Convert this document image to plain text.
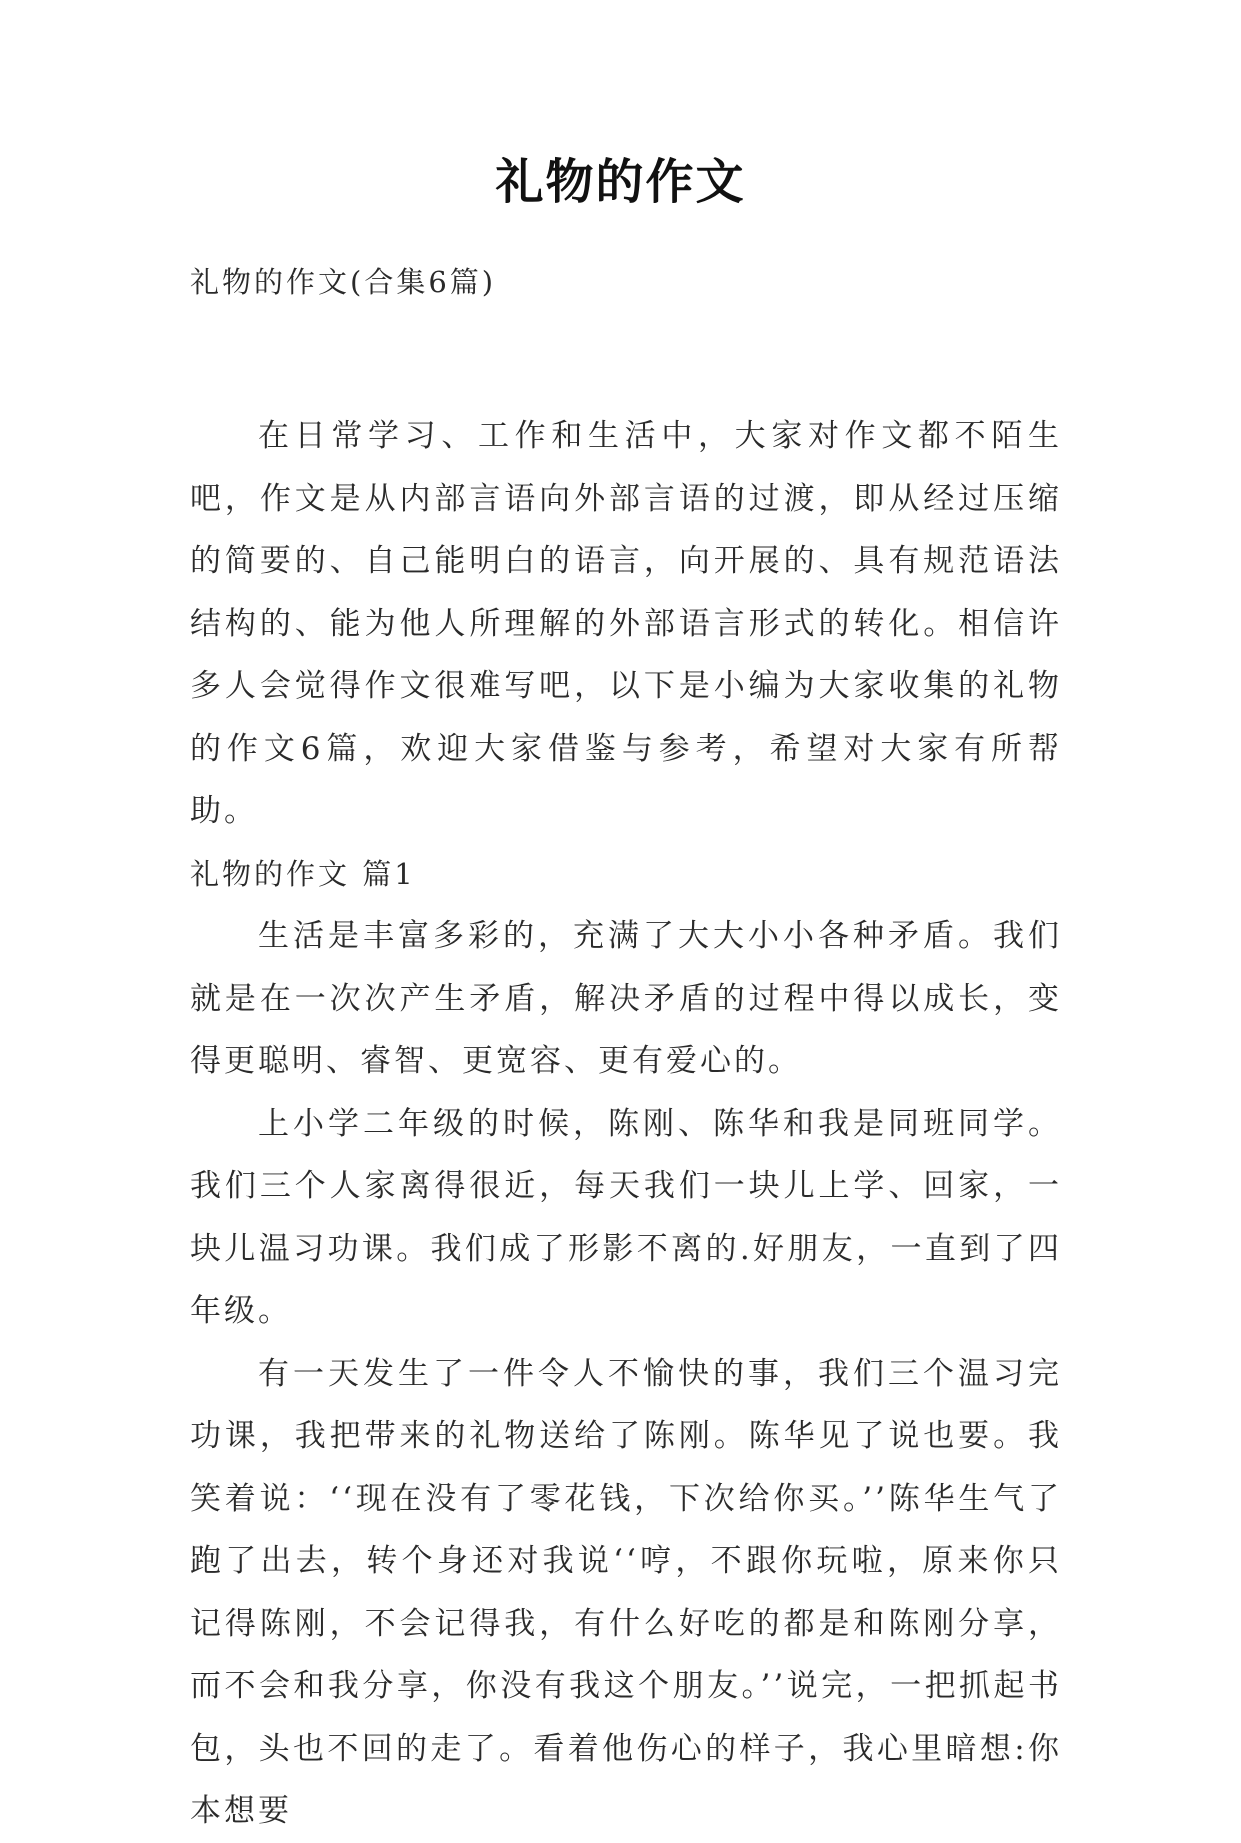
礼物的作文
礼物的作文(合集6篇)

在日常学习、工作和生活中，大家对作文都不陌生吧，作文是从内部言语向外部言语的过渡，即从经过压缩的简要的、自己能明白的语言，向开展的、具有规范语法结构的、能为他人所理解的外部语言形式的转化。相信许多人会觉得作文很难写吧，以下是小编为大家收集的礼物的作文6篇，欢迎大家借鉴与参考，希望对大家有所帮助。

礼物的作文 篇1

生活是丰富多彩的，充满了大大小小各种矛盾。我们就是在一次次产生矛盾，解决矛盾的过程中得以成长，变得更聪明、睿智、更宽容、更有爱心的。

上小学二年级的时候，陈刚、陈华和我是同班同学。我们三个人家离得很近，每天我们一块儿上学、回家，一块儿温习功课。我们成了形影不离的.好朋友，一直到了四年级。

有一天发生了一件令人不愉快的事，我们三个温习完功课，我把带来的礼物送给了陈刚。陈华见了说也要。我笑着说：‘‘现在没有了零花钱，下次给你买。’’陈华生气了跑了出去，转个身还对我说‘‘哼，不跟你玩啦，原来你只记得陈刚，不会记得我，有什么好吃的都是和陈刚分享，而不会和我分享，你没有我这个朋友。’’说完，一把抓起书包，头也不回的走了。看着他伤心的样子，我心里暗想:你本想要
